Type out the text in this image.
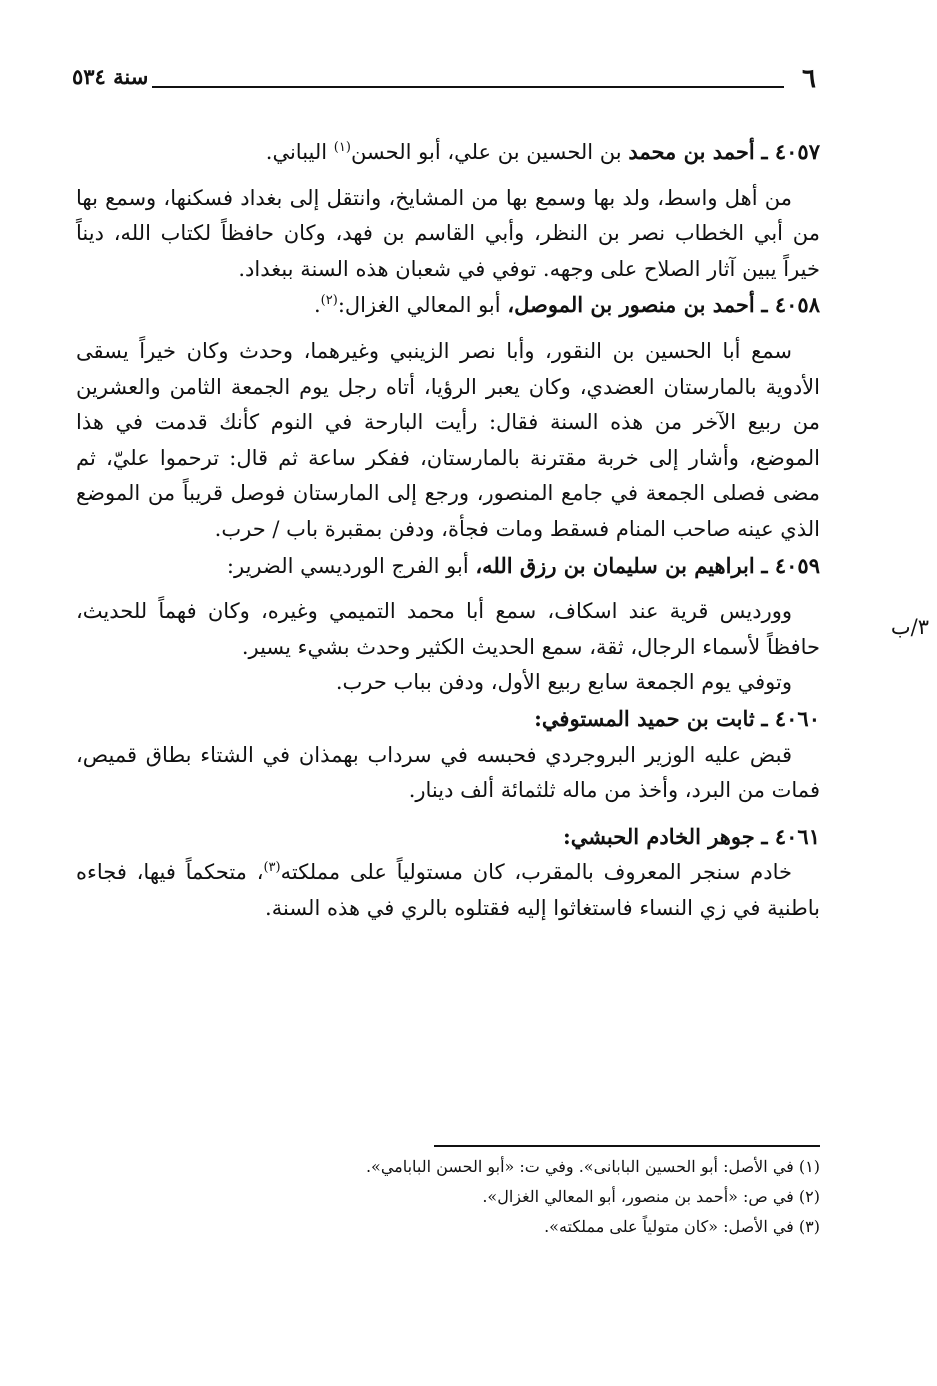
٦
سنة ٥٣٤

٤٠٥٧ ـ أحمد بن محمد بن الحسين بن علي، أبو الحسن$^{(١)}$ اليباني.

من أهل واسط، ولد بها وسمع بها من المشايخ، وانتقل إلى بغداد فسكنها، وسمع بها من أبي الخطاب نصر بن النظر، وأبي القاسم بن فهد، وكان حافظاً لكتاب الله، ديناً خيراً يبين آثار الصلاح على وجهه. توفي في شعبان هذه السنة ببغداد.

٤٠٥٨ ـ أحمد بن منصور بن الموصل، أبو المعالي الغزال:$^{(٢)}$.

سمع أبا الحسين بن النقور، وأبا نصر الزينبي وغيرهما، وحدث وكان خيراً يسقى الأدوية بالمارستان العضدي، وكان يعبر الرؤيا، أتاه رجل يوم الجمعة الثامن والعشرين من ربيع الآخر من هذه السنة فقال: رأيت البارحة في النوم كأنك قدمت في هذا الموضع، وأشار إلى خربة مقترنة بالمارستان، ففكر ساعة ثم قال: ترحموا عليّ، ثم مضى فصلى الجمعة في جامع المنصور، ورجع إلى المارستان فوصل قريباً من الموضع الذي عينه صاحب المنام فسقط ومات فجأة، ودفن بمقبرة باب / حرب.

٤٠٥٩ ـ ابراهيم بن سليمان بن رزق الله، أبو الفرج الورديسي الضرير:

وورديس قرية عند اسكاف، سمع أبا محمد التميمي وغيره، وكان فهماً للحديث، حافظاً لأسماء الرجال، ثقة، سمع الحديث الكثير وحدث بشيء يسير.

وتوفي يوم الجمعة سابع ربيع الأول، ودفن بباب حرب.

٤٠٦٠ ـ ثابت بن حميد المستوفي:

قبض عليه الوزير البروجردي فحبسه في سرداب بهمذان في الشتاء بطاق قميص، فمات من البرد، وأخذ من ماله ثلثمائة ألف دينار.

٤٠٦١ ـ جوهر الخادم الحبشي:

خادم سنجر المعروف بالمقرب، كان مستولياً على مملكته$^{(٣)}$، متحكماً فيها، فجاءه باطنية في زي النساء فاستغاثوا إليه فقتلوه بالري في هذه السنة.

٣/ب

(١) في الأصل: أبو الحسين البابانى». وفي ت: «أبو الحسن البابامي».

(٢) في ص: «أحمد بن منصور، أبو المعالي الغزال».

(٣) في الأصل: «كان متولياً على مملكته».
